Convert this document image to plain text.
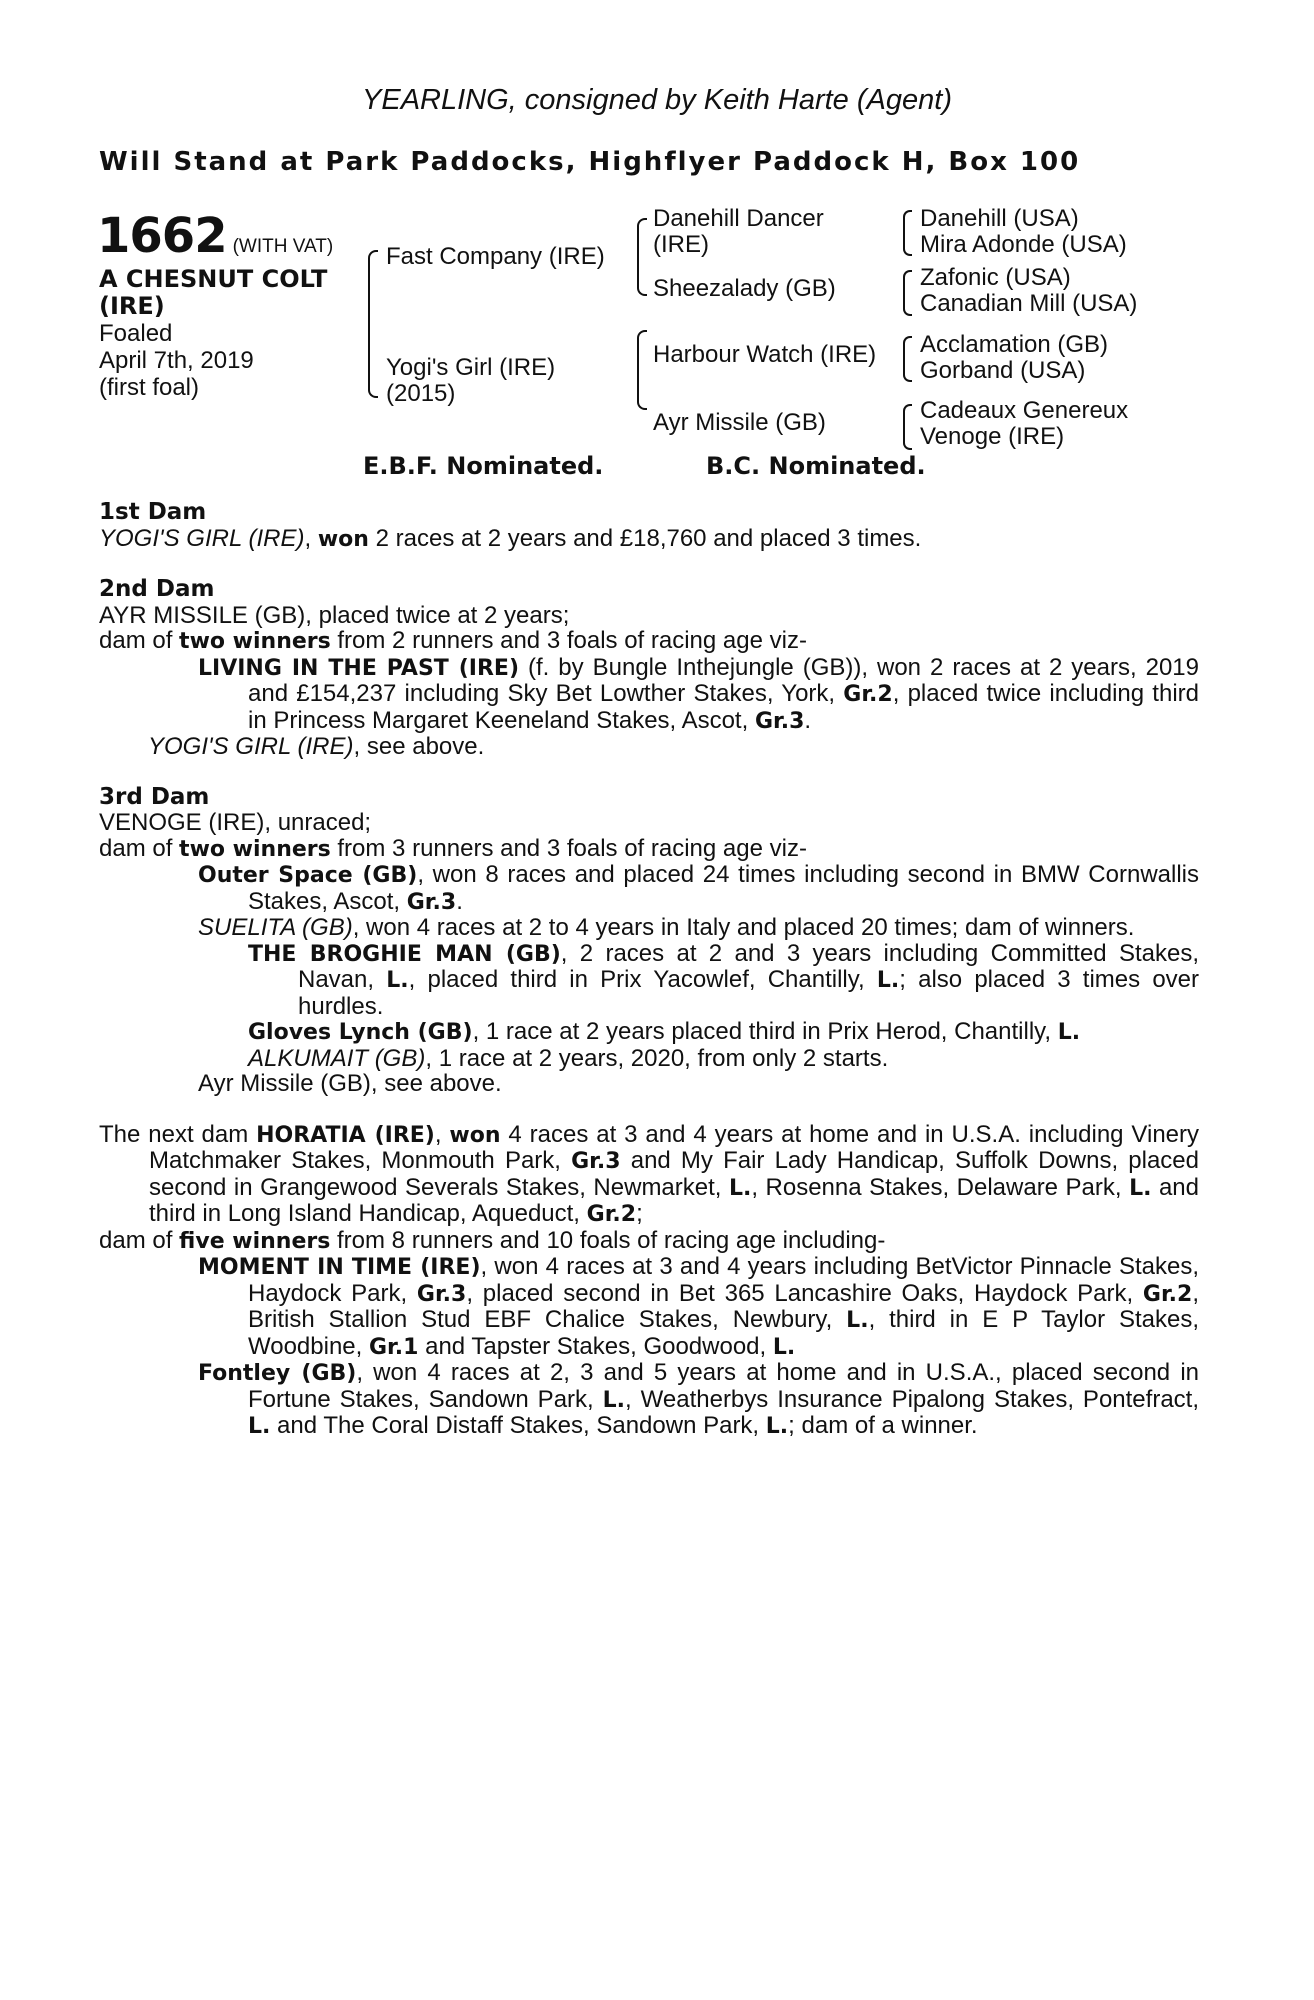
YEARLING, consigned by Keith Harte (Agent)
Will Stand at Park Paddocks, Highflyer Paddock H, Box 100
1662 (WITH VAT)
A CHESNUT COLT
(IRE)
Foaled
April 7th, 2019
(first foal)
Fast Company (IRE)
Yogi's Girl (IRE)
(2015)
Danehill Dancer
(IRE)
Sheezalady (GB)
Harbour Watch (IRE)
Ayr Missile (GB)
Danehill (USA)
Mira Adonde (USA)
Zafonic (USA)
Canadian Mill (USA)
Acclamation (GB)
Gorband (USA)
Cadeaux Genereux
Venoge (IRE)
E.B.F. Nominated.	B.C. Nominated.

1st Dam

YOGI'S GIRL (IRE), won 2 races at 2 years and £18,760 and placed 3 times.

2nd Dam

AYR MISSILE (GB), placed twice at 2 years;

dam of two winners from 2 runners and 3 foals of racing age viz-

LIVING IN THE PAST (IRE) (f. by Bungle Inthejungle (GB)), won 2 races at 2 years, 2019 and £154,237 including Sky Bet Lowther Stakes, York, Gr.2, placed twice including third in Princess Margaret Keeneland Stakes, Ascot, Gr.3.

YOGI'S GIRL (IRE), see above.

3rd Dam

VENOGE (IRE), unraced;

dam of two winners from 3 runners and 3 foals of racing age viz-

Outer Space (GB), won 8 races and placed 24 times including second in BMW Cornwallis Stakes, Ascot, Gr.3.

SUELITA (GB), won 4 races at 2 to 4 years in Italy and placed 20 times; dam of winners.

THE BROGHIE MAN (GB), 2 races at 2 and 3 years including Committed Stakes, Navan, L., placed third in Prix Yacowlef, Chantilly, L.; also placed 3 times over hurdles.

Gloves Lynch (GB), 1 race at 2 years placed third in Prix Herod, Chantilly, L.

ALKUMAIT (GB), 1 race at 2 years, 2020, from only 2 starts.

Ayr Missile (GB), see above.

The next dam HORATIA (IRE), won 4 races at 3 and 4 years at home and in U.S.A. including Vinery Matchmaker Stakes, Monmouth Park, Gr.3 and My Fair Lady Handicap, Suffolk Downs, placed second in Grangewood Severals Stakes, Newmarket, L., Rosenna Stakes, Delaware Park, L. and third in Long Island Handicap, Aqueduct, Gr.2;

dam of five winners from 8 runners and 10 foals of racing age including-

MOMENT IN TIME (IRE), won 4 races at 3 and 4 years including BetVictor Pinnacle Stakes, Haydock Park, Gr.3, placed second in Bet 365 Lancashire Oaks, Haydock Park, Gr.2, British Stallion Stud EBF Chalice Stakes, Newbury, L., third in E P Taylor Stakes, Woodbine, Gr.1 and Tapster Stakes, Goodwood, L.

Fontley (GB), won 4 races at 2, 3 and 5 years at home and in U.S.A., placed second in Fortune Stakes, Sandown Park, L., Weatherbys Insurance Pipalong Stakes, Pontefract, L. and The Coral Distaff Stakes, Sandown Park, L.; dam of a winner.
